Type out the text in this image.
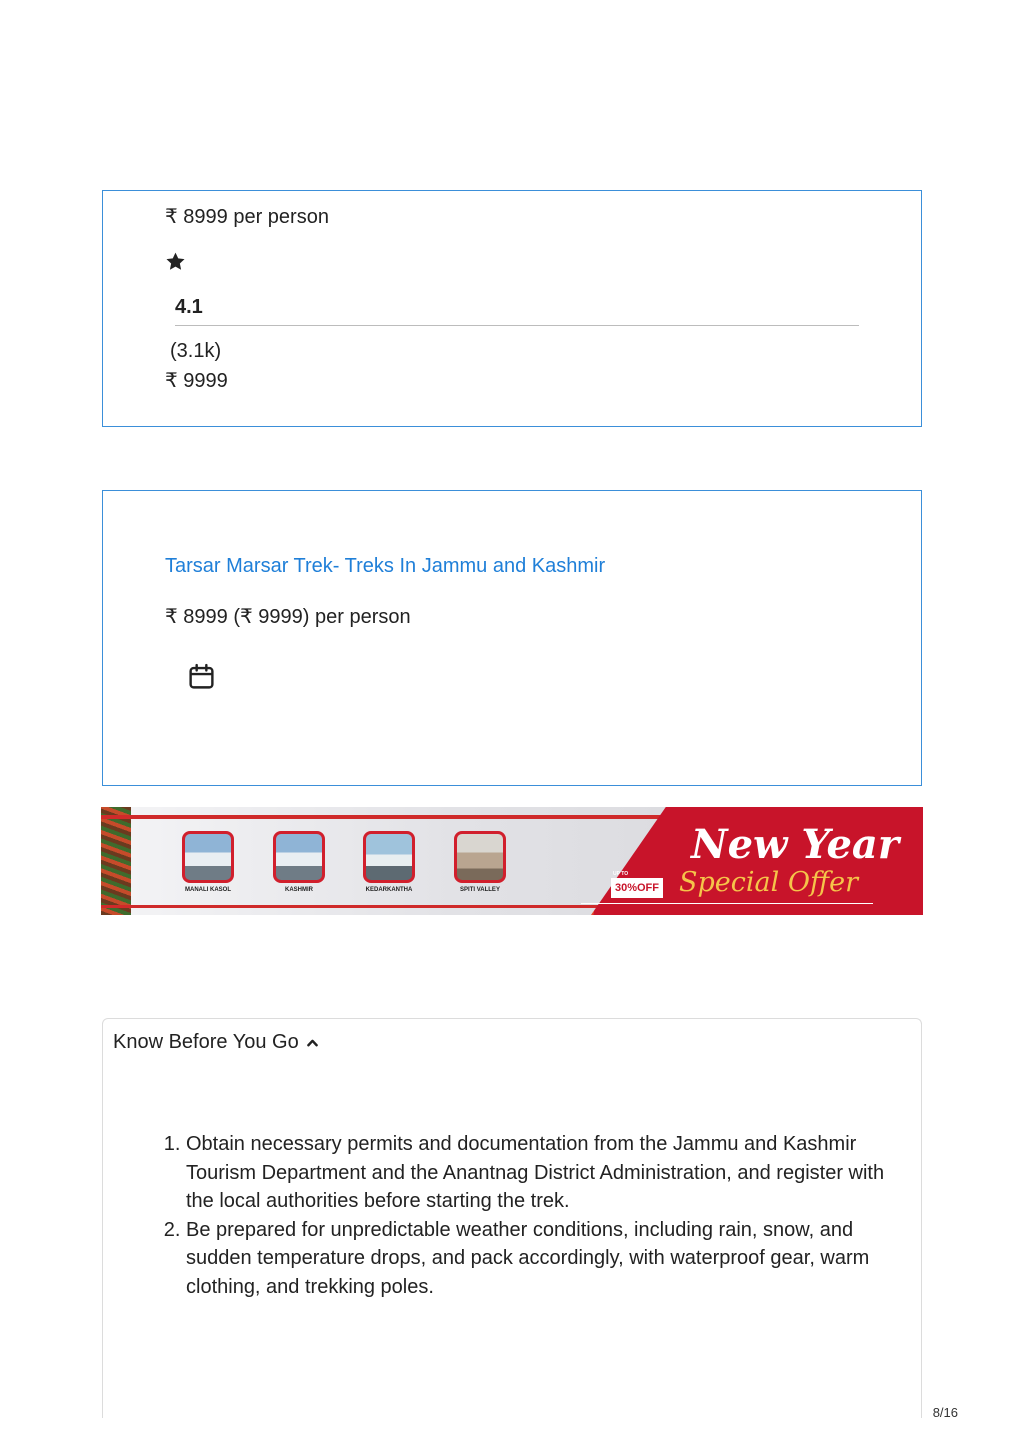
₹ 8999 per person
4.1
(3.1k)
₹ 9999
Tarsar Marsar Trek- Treks In Jammu and Kashmir
₹ 8999 (₹ 9999) per person
MANALI KASOL	KASHMIR	KEDARKANTHA	SPITI VALLEY
New Year
UP TO
30%OFF Special Offer
Know Before You Go
1. Obtain necessary permits and documentation from the Jammu and Kashmir Tourism Department and the Anantnag District Administration, and register with the local authorities before starting the trek.
2. Be prepared for unpredictable weather conditions, including rain, snow, and sudden temperature drops, and pack accordingly, with waterproof gear, warm clothing, and trekking poles.
8/16
